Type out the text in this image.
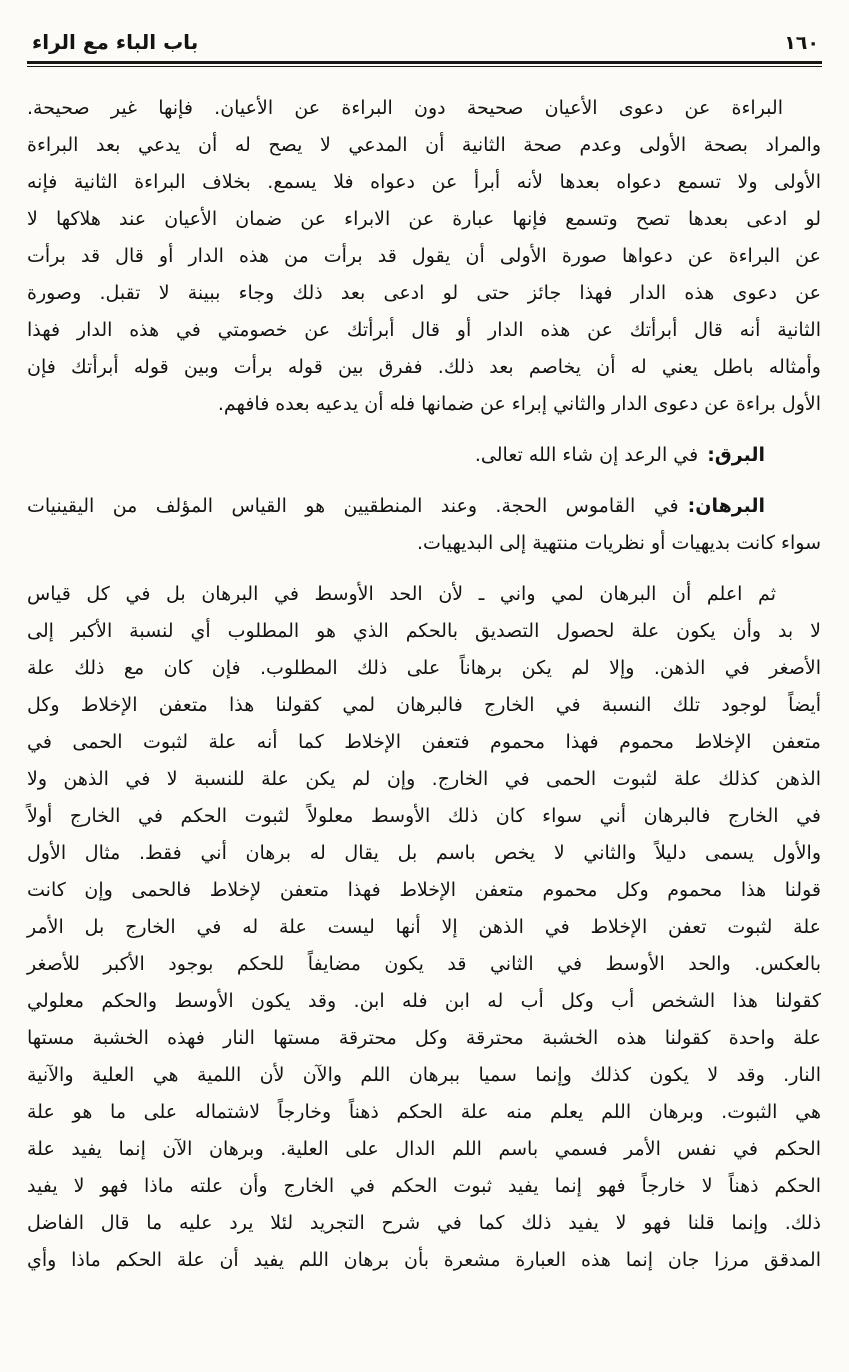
باب الباء مع الراء	١٦٠
البراءة عن دعوى الأعيان صحيحة دون البراءة عن الأعيان. فإنها غير صحيحة.
والمراد بصحة الأولى وعدم صحة الثانية أن المدعي لا يصح له أن يدعي بعد البراءة
الأولى ولا تسمع دعواه بعدها لأنه أبرأ عن دعواه فلا يسمع. بخلاف البراءة الثانية فإنه
لو ادعى بعدها تصح وتسمع فإنها عبارة عن الابراء عن ضمان الأعيان عند هلاكها لا
عن البراءة عن دعواها صورة الأولى أن يقول قد برأت من هذه الدار أو قال قد برأت
عن دعوى هذه الدار فهذا جائز حتى لو ادعى بعد ذلك وجاء ببينة لا تقبل. وصورة
الثانية أنه قال أبرأتك عن هذه الدار أو قال أبرأتك عن خصومتي في هذه الدار فهذا
وأمثاله باطل يعني له أن يخاصم بعد ذلك. ففرق بين قوله برأت وبين قوله أبرأتك فإن
الأول براءة عن دعوى الدار والثاني إبراء عن ضمانها فله أن يدعيه بعده فافهم.
البرق:في الرعد إن شاء الله تعالى.
البرهان:في القاموس الحجة. وعند المنطقيين هو القياس المؤلف من اليقينيات
سواء كانت بديهيات أو نظريات منتهية إلى البديهيات.
ثم اعلم أن البرهان لمي واني ـ لأن الحد الأوسط في البرهان بل في كل قياس
لا بد وأن يكون علة لحصول التصديق بالحكم الذي هو المطلوب أي لنسبة الأكبر إلى
الأصغر في الذهن. وإلا لم يكن برهاناً على ذلك المطلوب. فإن كان مع ذلك علة
أيضاً لوجود تلك النسبة في الخارج فالبرهان لمي كقولنا هذا متعفن الإخلاط وكل
متعفن الإخلاط محموم فهذا محموم فتعفن الإخلاط كما أنه علة لثبوت الحمى في
الذهن كذلك علة لثبوت الحمى في الخارج. وإن لم يكن علة للنسبة لا في الذهن ولا
في الخارج فالبرهان أني سواء كان ذلك الأوسط معلولاً لثبوت الحكم في الخارج أولاً
والأول يسمى دليلاً والثاني لا يخص باسم بل يقال له برهان أني فقط. مثال الأول
قولنا هذا محموم وكل محموم متعفن الإخلاط فهذا متعفن لإخلاط فالحمى وإن كانت
علة لثبوت تعفن الإخلاط في الذهن إلا أنها ليست علة له في الخارج بل الأمر
بالعكس. والحد الأوسط في الثاني قد يكون مضايفاً للحكم بوجود الأكبر للأصغر
كقولنا هذا الشخص أب وكل أب له ابن فله ابن. وقد يكون الأوسط والحكم معلولي
علة واحدة كقولنا هذه الخشبة محترقة وكل محترقة مستها النار فهذه الخشبة مستها
النار. وقد لا يكون كذلك وإنما سميا ببرهان اللم والآن لأن اللمية هي العلية والآنية
هي الثبوت. وبرهان اللم يعلم منه علة الحكم ذهناً وخارجاً لاشتماله على ما هو علة
الحكم في نفس الأمر فسمي باسم اللم الدال على العلية. وبرهان الآن إنما يفيد علة
الحكم ذهناً لا خارجاً فهو إنما يفيد ثبوت الحكم في الخارج وأن علته ماذا فهو لا يفيد
ذلك. وإنما قلنا فهو لا يفيد ذلك كما في شرح التجريد لئلا يرد عليه ما قال الفاضل
المدقق مرزا جان إنما هذه العبارة مشعرة بأن برهان اللم يفيد أن علة الحكم ماذا وأي
